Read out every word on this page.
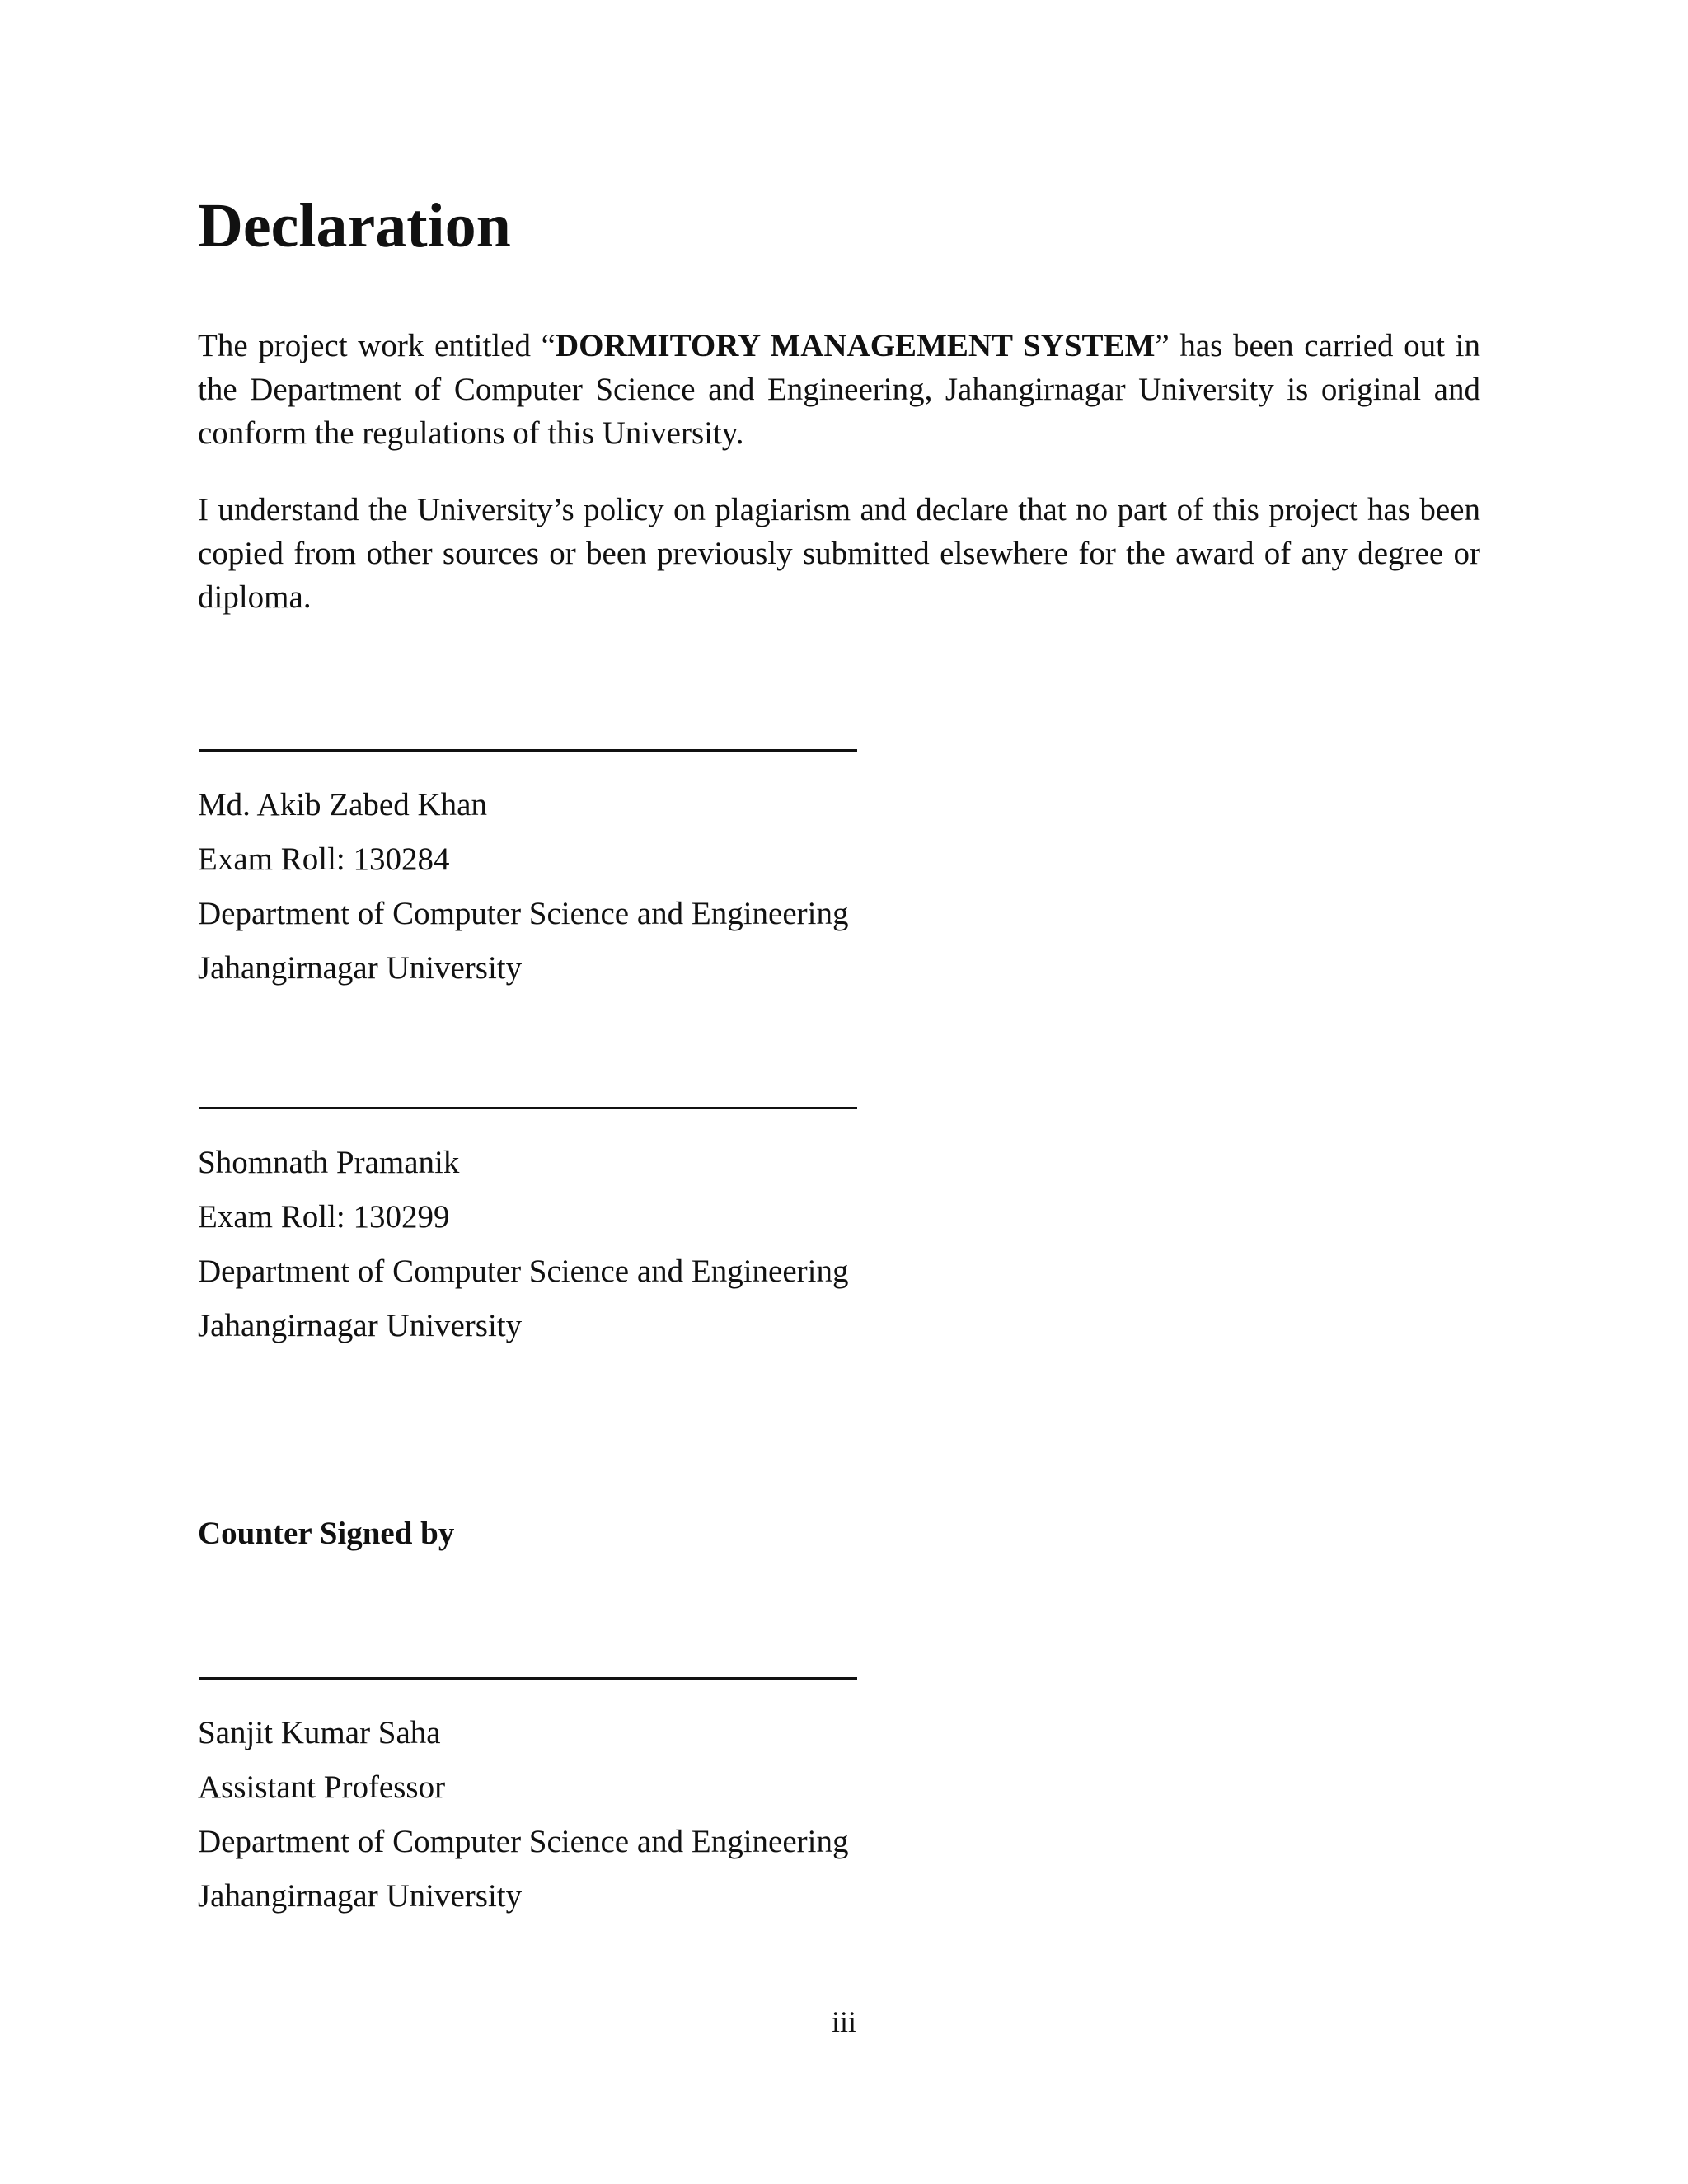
Declaration

The project work entitled “DORMITORY MANAGEMENT SYSTEM” has been carried out in the Department of Computer Science and Engineering, Jahangirnagar University is original and conform the regulations of this University.

I understand the University’s policy on plagiarism and declare that no part of this project has been copied from other sources or been previously submitted elsewhere for the award of any degree or diploma.

Md. Akib Zabed Khan
Exam Roll: 130284
Department of Computer Science and Engineering
Jahangirnagar University
Shomnath Pramanik
Exam Roll: 130299
Department of Computer Science and Engineering
Jahangirnagar University
Counter Signed by
Sanjit Kumar Saha
Assistant Professor
Department of Computer Science and Engineering
Jahangirnagar University
iii
